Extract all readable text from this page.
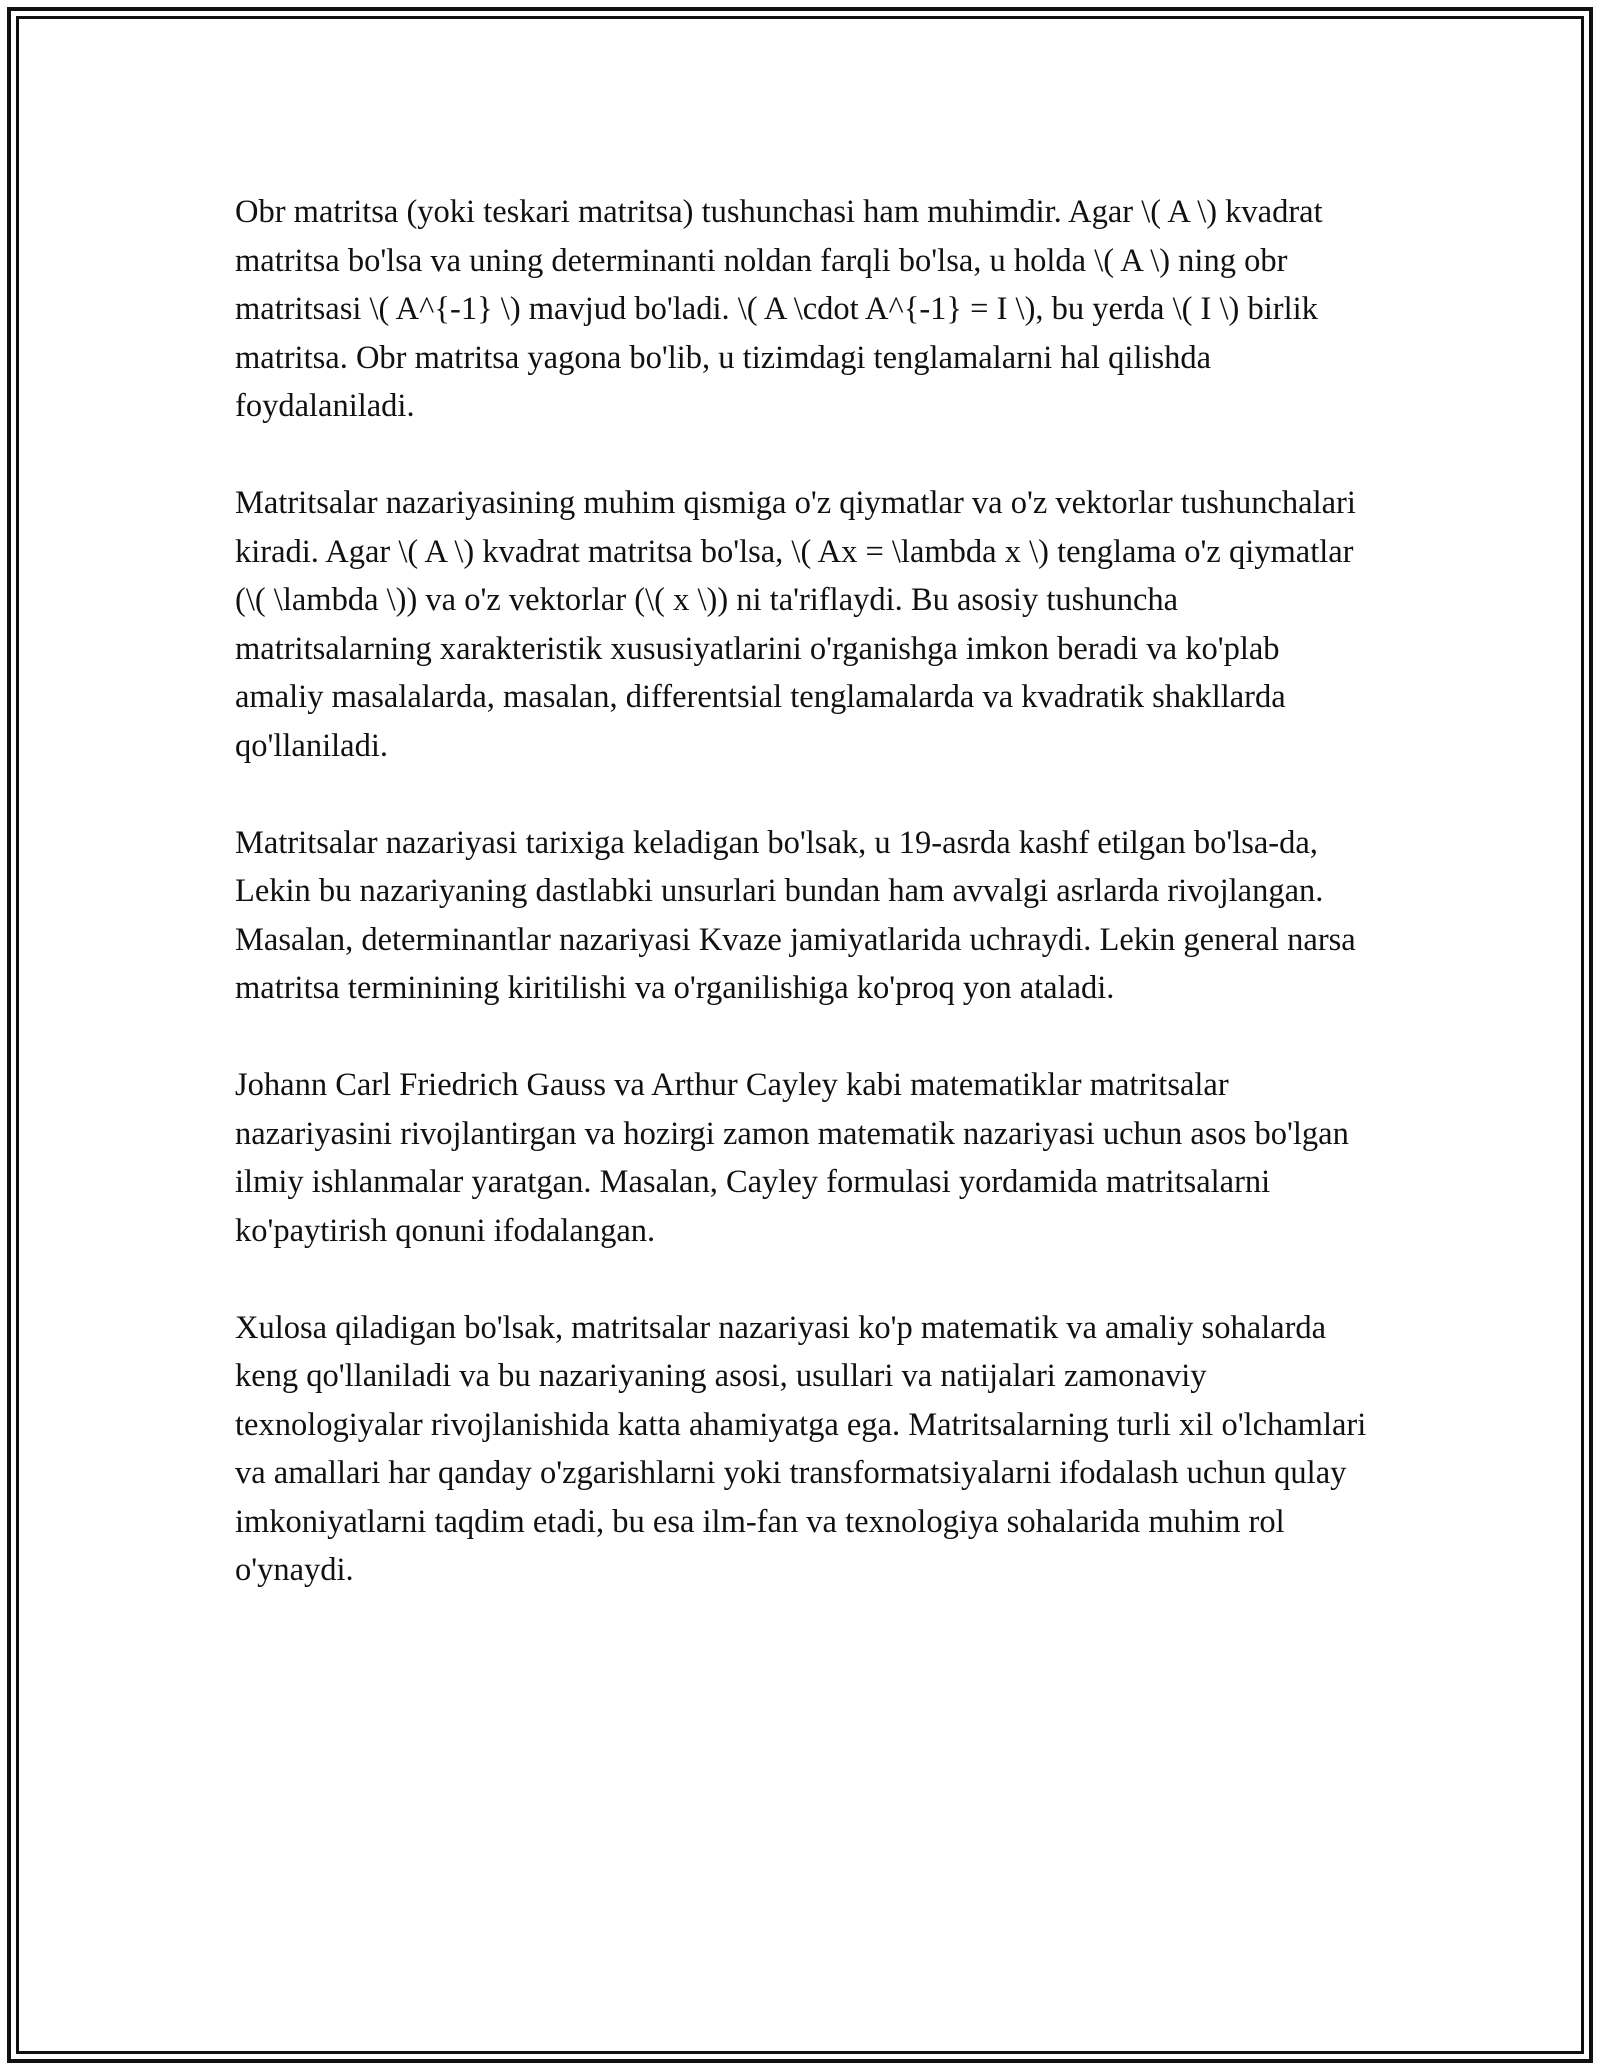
Obr matritsa (yoki teskari matritsa) tushunchasi ham muhimdir. Agar \( A \) kvadrat matritsa bo'lsa va uning determinanti noldan farqli bo'lsa, u holda \( A \) ning obr matritsasi \( A^{-1} \) mavjud bo'ladi. \( A \cdot A^{-1} = I \), bu yerda \( I \) birlik matritsa. Obr matritsa yagona bo'lib, u tizimdagi tenglamalarni hal qilishda foydalaniladi.

Matritsalar nazariyasining muhim qismiga o'z qiymatlar va o'z vektorlar tushunchalari kiradi. Agar \( A \) kvadrat matritsa bo'lsa, \( Ax = \lambda x \) tenglama o'z qiymatlar (\( \lambda \)) va o'z vektorlar (\( x \)) ni ta'riflaydi. Bu asosiy tushuncha matritsalarning xarakteristik xususiyatlarini o'rganishga imkon beradi va ko'plab amaliy masalalarda, masalan, differentsial tenglamalarda va kvadratik shakllarda qo'llaniladi.

Matritsalar nazariyasi tarixiga keladigan bo'lsak, u 19-asrda kashf etilgan bo'lsa-da, Lekin bu nazariyaning dastlabki unsurlari bundan ham avvalgi asrlarda rivojlangan. Masalan, determinantlar nazariyasi Kvaze jamiyatlarida uchraydi. Lekin general narsa matritsa terminining kiritilishi va o'rganilishiga ko'proq yon ataladi.

Johann Carl Friedrich Gauss va Arthur Cayley kabi matematiklar matritsalar nazariyasini rivojlantirgan va hozirgi zamon matematik nazariyasi uchun asos bo'lgan ilmiy ishlanmalar yaratgan. Masalan, Cayley formulasi yordamida matritsalarni ko'paytirish qonuni ifodalangan.

Xulosa qiladigan bo'lsak, matritsalar nazariyasi ko'p matematik va amaliy sohalarda keng qo'llaniladi va bu nazariyaning asosi, usullari va natijalari zamonaviy texnologiyalar rivojlanishida katta ahamiyatga ega. Matritsalarning turli xil o'lchamlari va amallari har qanday o'zgarishlarni yoki transformatsiyalarni ifodalash uchun qulay imkoniyatlarni taqdim etadi, bu esa ilm-fan va texnologiya sohalarida muhim rol o'ynaydi.
